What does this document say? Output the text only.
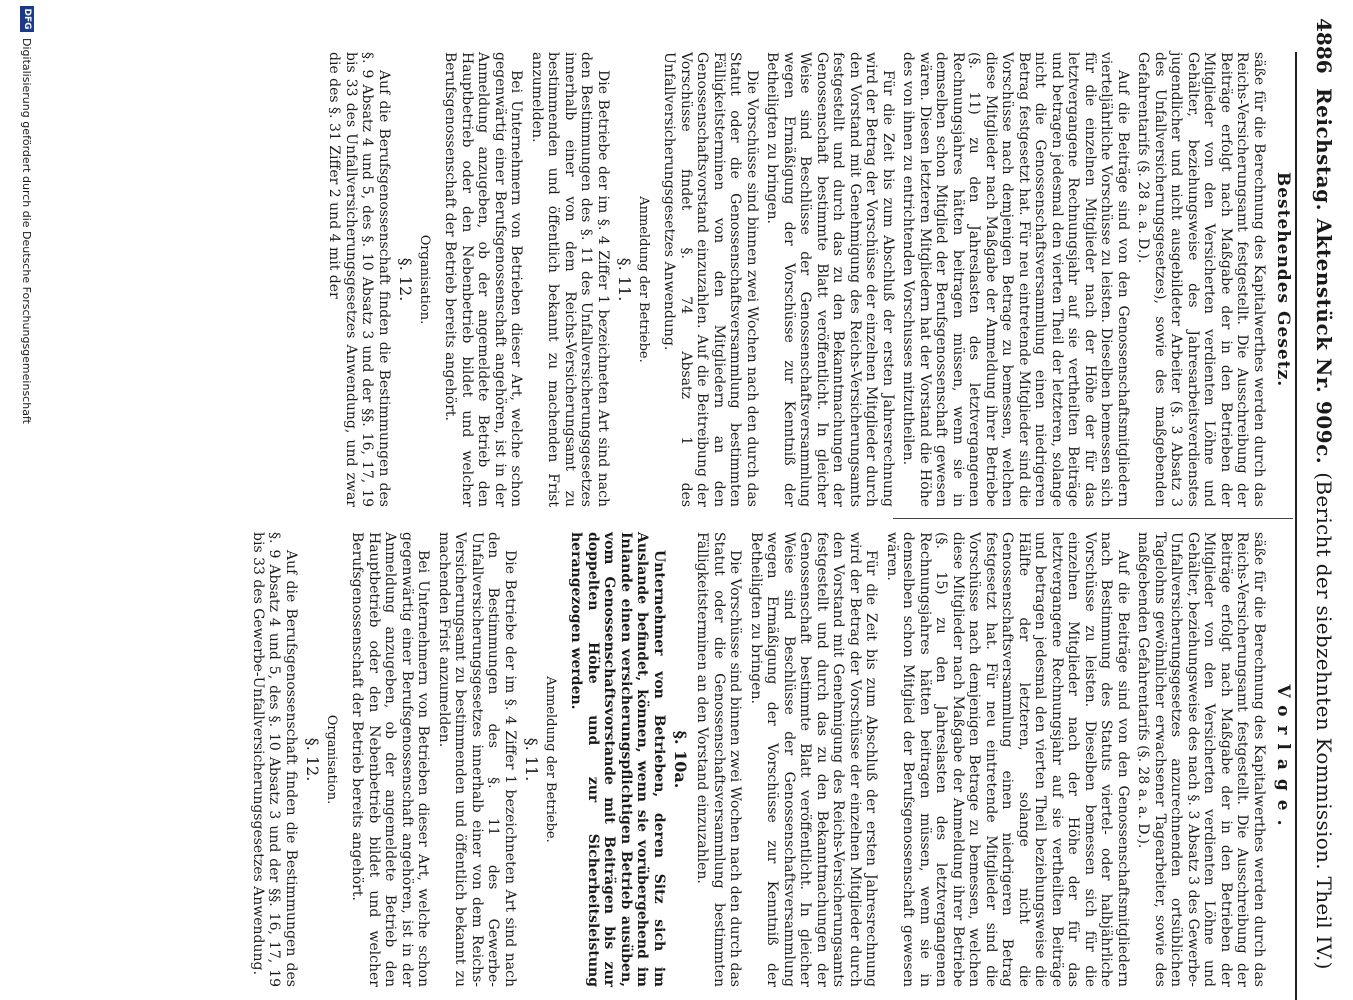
4886
Reichstag. Aktenstück Nr. 909c.
(Bericht der siebzehnten Kommission. Theil IV.)
Bestehendes Gesetz.

säße für die Berechnung des Kapitalwerthes werden durch das Reichs-Versicherungsamt festgestellt. Die Ausschreibung der Beiträge erfolgt nach Maßgabe der in den Betrieben der Mitglieder von den Versicherten verdienten Löhne und Gehälter, beziehungsweise des Jahresarbeitsverdienstes jugendlicher und nicht ausgebildeter Arbeiter (§. 3 Absatz 3 des Unfallversicherungsgesetzes), sowie des maßgebenden Gefahrentarifs (§. 28 a. a. D.).

Auf die Beiträge sind von den Genossenschaftsmitgliedern vierteljährliche Vorschüsse zu leisten. Dieselben bemessen sich für die einzelnen Mitglieder nach der Höhe der für das letztvergangene Rechnungsjahr auf sie vertheilten Beiträge und betragen jedesmal den vierten Theil der letzteren, solange nicht die Genossenschaftsversammlung einen niedrigeren Betrag festgesetzt hat. Für neu eintretende Mitglieder sind die Vorschüsse nach demjenigen Betrage zu bemessen, welchen diese Mitglieder nach Maßgabe der Anmeldung ihrer Betriebe (§. 11) zu den Jahreslasten des letztvergangenen Rechnungsjahres hätten beitragen müssen, wenn sie in demselben schon Mitglied der Berufsgenossenschaft gewesen wären. Diesen letzteren Mitgliedern hat der Vorstand die Höhe des von ihnen zu entrichtenden Vorschusses mitzutheilen.

Für die Zeit bis zum Abschluß der ersten Jahresrechnung wird der Betrag der Vorschüsse der einzelnen Mitglieder durch den Vorstand mit Genehmigung des Reichs-Versicherungsamts festgestellt und durch das zu den Bekanntmachungen der Genossenschaft bestimmte Blatt veröffentlicht. In gleicher Weise sind Beschlüsse der Genossenschaftsversammlung wegen Ermäßigung der Vorschüsse zur Kenntniß der Betheiligten zu bringen.

Die Vorschüsse sind binnen zwei Wochen nach den durch das Statut oder die Genossenschaftsversammlung bestimmten Fälligkeitsterminen von den Mitgliedern an den Genossenschaftsvorstand einzuzahlen. Auf die Beitreibung der Vorschüsse findet §. 74 Absatz 1 des Unfallversicherungsgesetzes Anwendung.

Anmeldung der Betriebe.
§. 11.

Die Betriebe der im §. 4 Ziffer 1 bezeichneten Art sind nach den Bestimmungen des §. 11 des Unfallversicherungsgesetzes innerhalb einer von dem Reichs-Versicherungsamt zu bestimmenden und öffentlich bekannt zu machenden Frist anzumelden.

Bei Unternehmern von Betrieben dieser Art, welche schon gegenwärtig einer Berufsgenossenschaft angehören, ist in der Anmeldung anzugeben, ob der angemeldete Betrieb den Hauptbetrieb oder den Nebenbetrieb bildet und welcher Berufsgenossenschaft der Betrieb bereits angehört.

Organisation.
§. 12.

Auf die Berufsgenossenschaft finden die Bestimmungen des §. 9 Absatz 4 und 5, des §. 10 Absatz 3 und der §§. 16, 17, 19 bis 33 des Unfallversicherungsgesetzes Anwendung, und zwar die des §. 31 Ziffer 2 und 4 mit der

Vorlage.

säße für die Berechnung des Kapitalwerthes werden durch das Reichs-Versicherungsamt festgestellt. Die Ausschreibung der Beiträge erfolgt nach Maßgabe der in den Betrieben der Mitglieder von den Versicherten verdienten Löhne und Gehälter, beziehungsweise des nach §. 3 Absatz 3 des Gewerbe-Unfallversicherungsgesetzes anzurechnenden ortsüblichen Tagelohns gewöhnlicher erwachsener Tagearbeiter, sowie des maßgebenden Gefahrentarifs (§. 28 a. a. D.).

Auf die Beiträge sind von den Genossenschaftsmitgliedern nach Bestimmung des Statuts viertel- oder halbjährliche Vorschüsse zu leisten. Dieselben bemessen sich für die einzelnen Mitglieder nach der Höhe der für das letztvergangene Rechnungsjahr auf sie vertheilten Beiträge und betragen jedesmal den vierten Theil beziehungsweise die Hälfte der letzteren, solange nicht die Genossenschaftsversammlung einen niedrigeren Betrag festgesetzt hat. Für neu eintretende Mitglieder sind die Vorschüsse nach demjenigen Betrage zu bemessen, welchen diese Mitglieder nach Maßgabe der Anmeldung ihrer Betriebe (§. 15) zu den Jahreslasten des letztvergangenen Rechnungsjahres hätten beitragen müssen, wenn sie in demselben schon Mitglied der Berufsgenossenschaft gewesen wären.

Für die Zeit bis zum Abschluß der ersten Jahresrechnung wird der Betrag der Vorschüsse der einzelnen Mitglieder durch den Vorstand mit Genehmigung des Reichs-Versicherungsamts festgestellt und durch das zu den Bekanntmachungen der Genossenschaft bestimmte Blatt veröffentlicht. In gleicher Weise sind Beschlüsse der Genossenschaftsversammlung wegen Ermäßigung der Vorschüsse zur Kenntniß der Betheiligten zu bringen.

Die Vorschüsse sind binnen zwei Wochen nach den durch das Statut oder die Genossenschaftsversammlung bestimmten Fälligkeitsterminen an den Vorstand einzuzahlen.

§. 10a.

Unternehmer von Betrieben, deren Sitz sich im Auslande befindet, können, wenn sie vorübergehend im Inlande einen versicherungspflichtigen Betrieb ausüben, vom Genossenschaftsvorstande mit Beiträgen bis zur doppelten Höhe und zur Sicherheitsleistung herangezogen werden.

Anmeldung der Betriebe.
§. 11.

Die Betriebe der im §. 4 Ziffer 1 bezeichneten Art sind nach den Bestimmungen des §. 11 des Gewerbe-Unfallversicherungsgesetzes innerhalb einer von dem Reichs-Versicherungsamt zu bestimmenden und öffentlich bekannt zu machenden Frist anzumelden.

Bei Unternehmern von Betrieben dieser Art, welche schon gegenwärtig einer Berufsgenossenschaft angehören, ist in der Anmeldung anzugeben, ob der angemeldete Betrieb den Hauptbetrieb oder den Nebenbetrieb bildet und welcher Berufsgenossenschaft der Betrieb bereits angehört.

Organisation.
§. 12.

Auf die Berufsgenossenschaft finden die Bestimmungen des §. 9 Absatz 4 und 5, des §. 10 Absatz 3 und der §§. 16, 17, 19 bis 33 des Gewerbe-Unfallversicherungsgesetzes Anwendung.

DFG
Digitalisierung gefördert durch die Deutsche Forschungsgemeinschaft
